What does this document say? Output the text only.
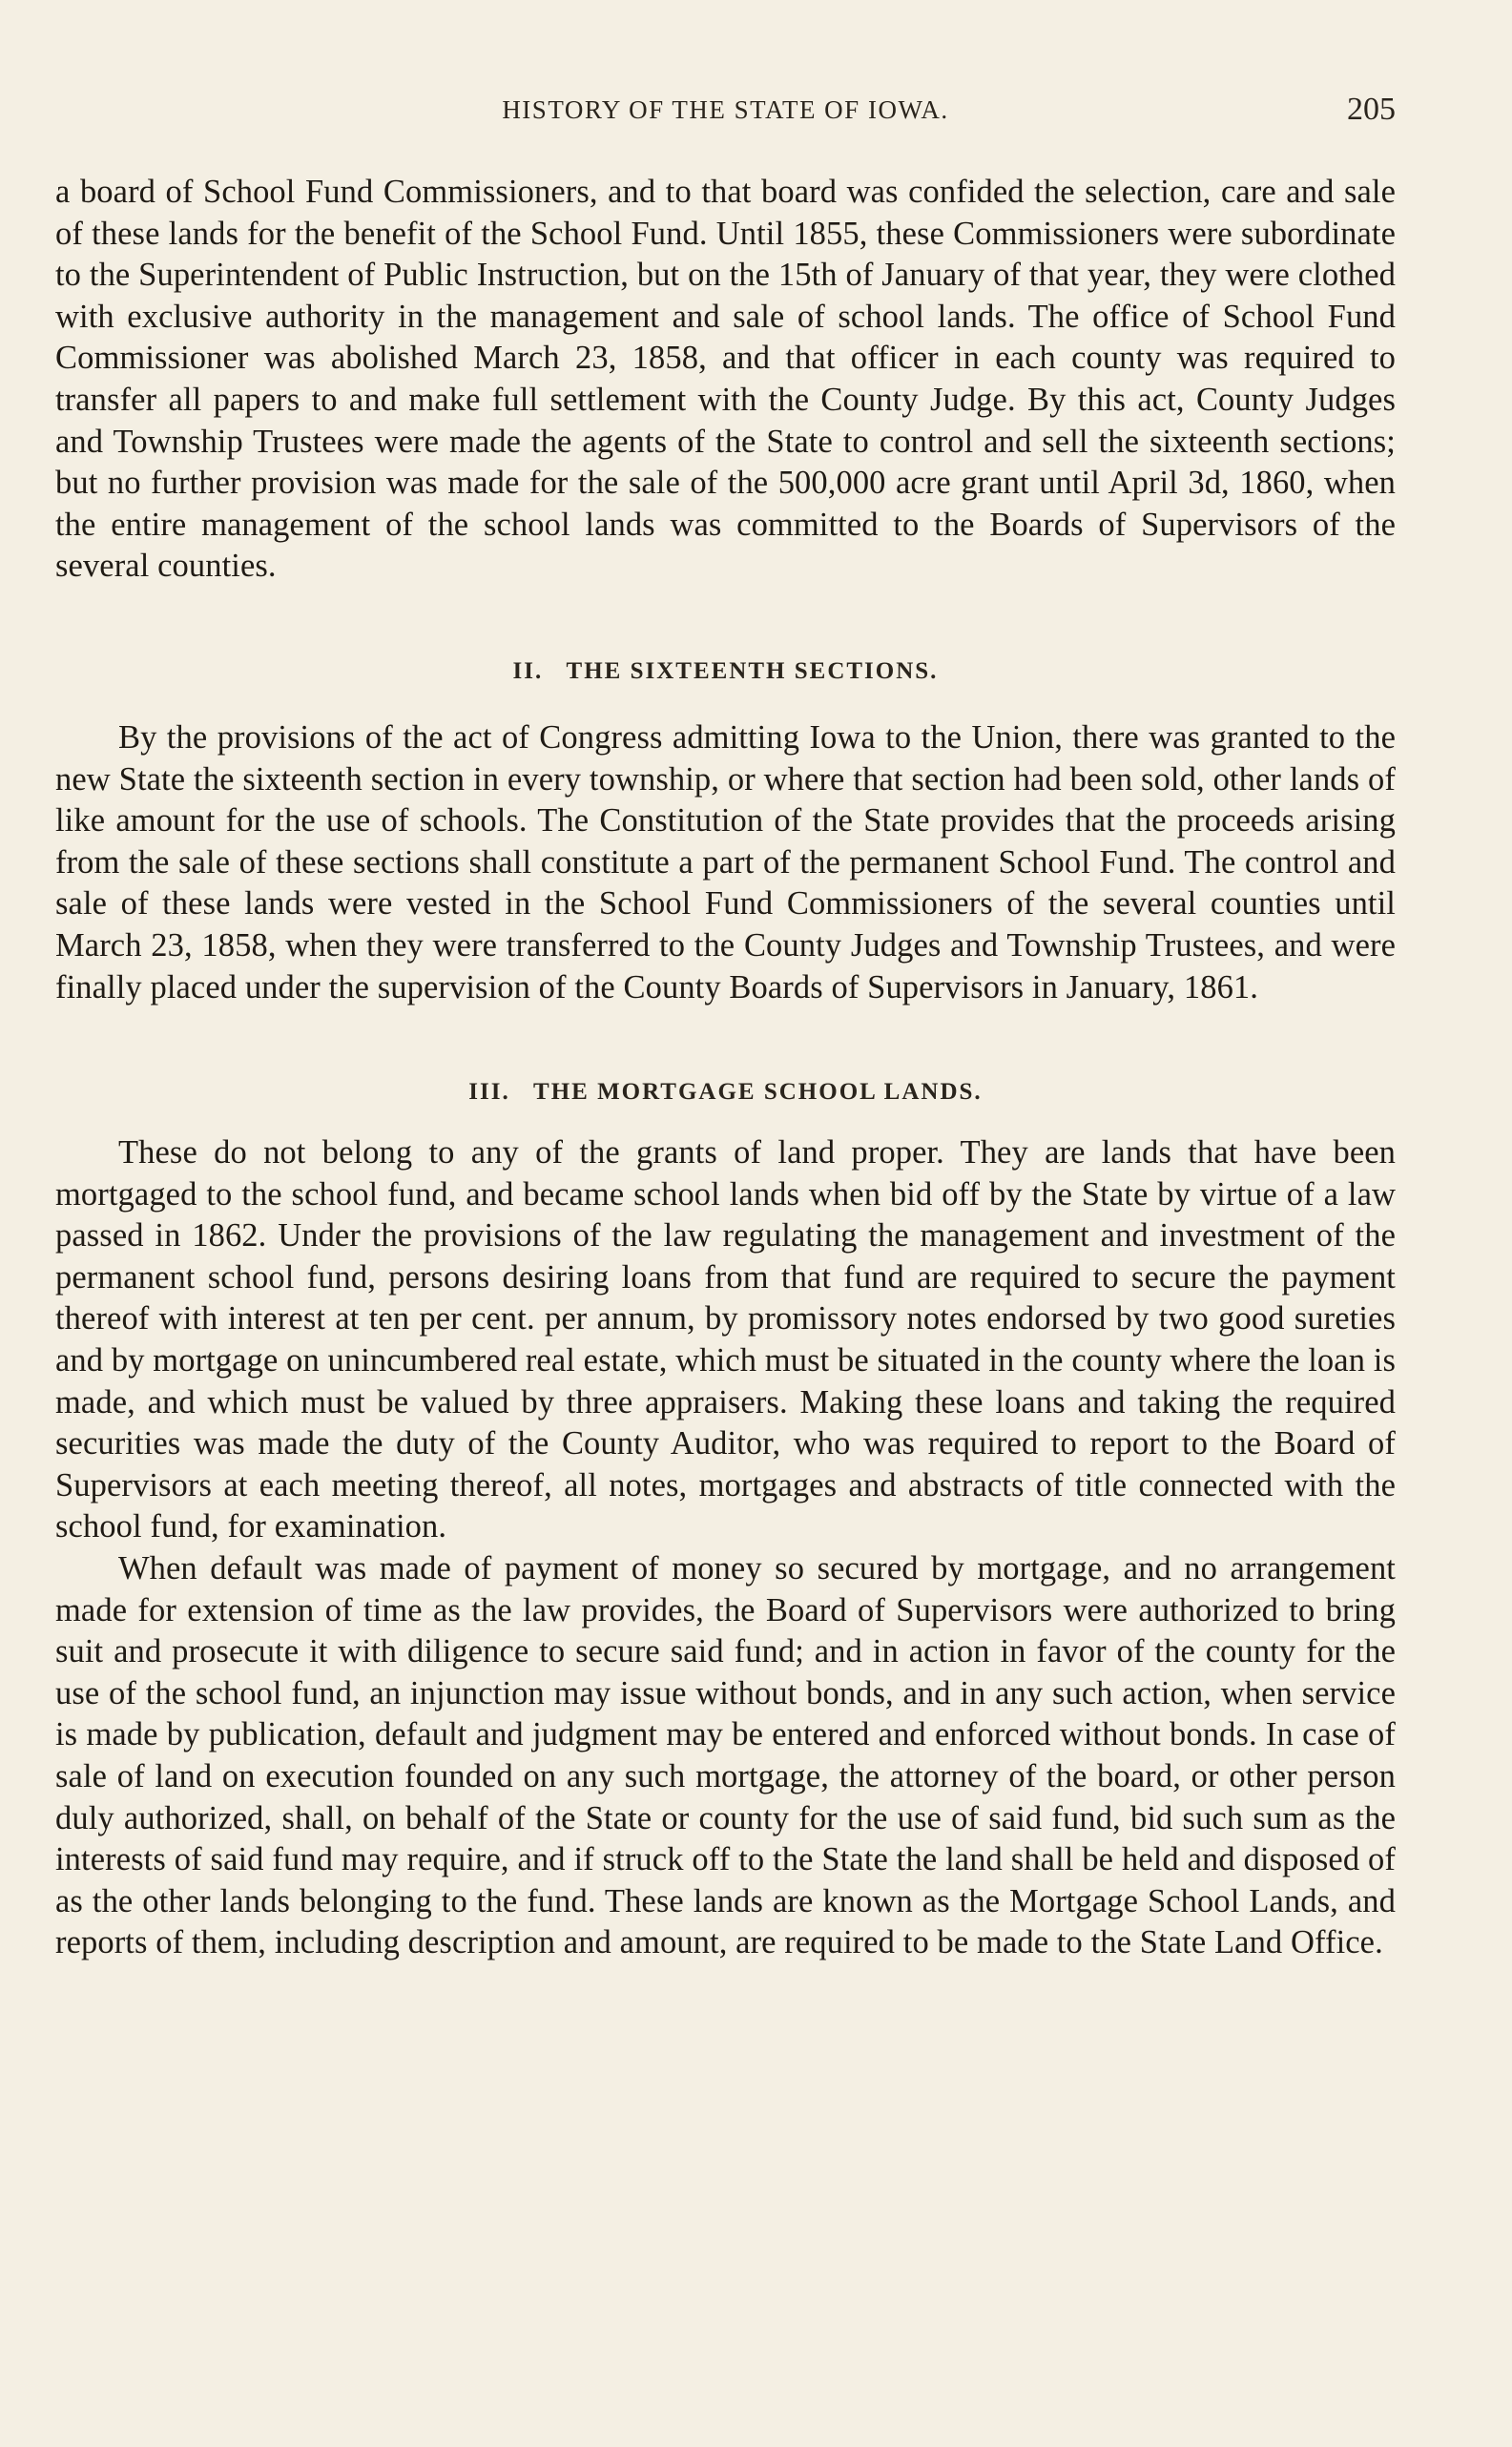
HISTORY OF THE STATE OF IOWA.	205

a board of School Fund Commissioners, and to that board was confided the selection, care and sale of these lands for the benefit of the School Fund. Until 1855, these Commissioners were subordinate to the Superintendent of Public Instruction, but on the 15th of January of that year, they were clothed with exclusive authority in the management and sale of school lands. The office of School Fund Commissioner was abolished March 23, 1858, and that officer in each county was required to transfer all papers to and make full settlement with the County Judge. By this act, County Judges and Township Trustees were made the agents of the State to control and sell the sixteenth sections; but no further provision was made for the sale of the 500,000 acre grant until April 3d, 1860, when the entire management of the school lands was committed to the Boards of Supervisors of the several counties.

II.   THE SIXTEENTH SECTIONS.

By the provisions of the act of Congress admitting Iowa to the Union, there was granted to the new State the sixteenth section in every township, or where that section had been sold, other lands of like amount for the use of schools. The Constitution of the State provides that the proceeds arising from the sale of these sections shall constitute a part of the permanent School Fund. The control and sale of these lands were vested in the School Fund Commissioners of the several counties until March 23, 1858, when they were transferred to the County Judges and Township Trustees, and were finally placed under the supervision of the County Boards of Supervisors in January, 1861.

III.   THE MORTGAGE SCHOOL LANDS.

These do not belong to any of the grants of land proper. They are lands that have been mortgaged to the school fund, and became school lands when bid off by the State by virtue of a law passed in 1862. Under the provisions of the law regulating the management and investment of the permanent school fund, persons desiring loans from that fund are required to secure the payment thereof with interest at ten per cent. per annum, by promissory notes endorsed by two good sureties and by mortgage on unincumbered real estate, which must be situated in the county where the loan is made, and which must be valued by three appraisers. Making these loans and taking the required securities was made the duty of the County Auditor, who was required to report to the Board of Supervisors at each meeting thereof, all notes, mortgages and abstracts of title connected with the school fund, for examination.

When default was made of payment of money so secured by mortgage, and no arrangement made for extension of time as the law provides, the Board of Supervisors were authorized to bring suit and prosecute it with diligence to secure said fund; and in action in favor of the county for the use of the school fund, an injunction may issue without bonds, and in any such action, when service is made by publication, default and judgment may be entered and enforced without bonds. In case of sale of land on execution founded on any such mortgage, the attorney of the board, or other person duly authorized, shall, on behalf of the State or county for the use of said fund, bid such sum as the interests of said fund may require, and if struck off to the State the land shall be held and disposed of as the other lands belonging to the fund. These lands are known as the Mortgage School Lands, and reports of them, including description and amount, are required to be made to the State Land Office.
